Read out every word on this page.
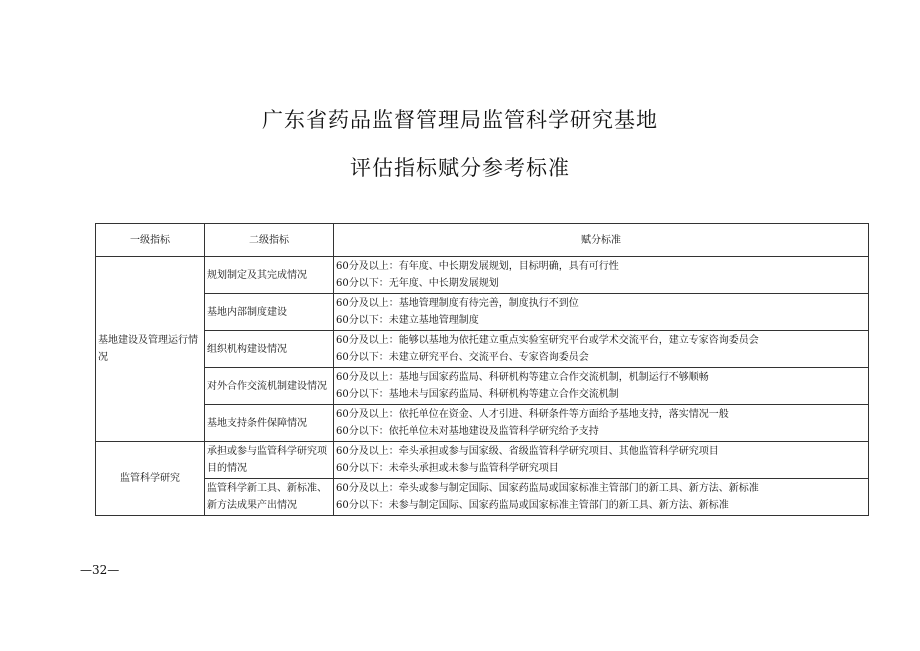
广东省药品监督管理局监管科学研究基地
评估指标赋分参考标准
一级指标	二级指标	赋分标准
基地建设及管理运行情况	规划制定及其完成情况	60分及以上：有年度、中长期发展规划，目标明确，具有可行性
60分以下：无年度、中长期发展规划

	基地内部制度建设	60分及以上：基地管理制度有待完善，制度执行不到位
60分以下：未建立基地管理制度

	组织机构建设情况	60分及以上：能够以基地为依托建立重点实验室研究平台或学术交流平台，建立专家咨询委员会
60分以下：未建立研究平台、交流平台、专家咨询委员会

	对外合作交流机制建设情况	60分及以上：基地与国家药监局、科研机构等建立合作交流机制，机制运行不够顺畅
60分以下：基地未与国家药监局、科研机构等建立合作交流机制

	基地支持条件保障情况	60分及以上：依托单位在资金、人才引进、科研条件等方面给予基地支持，落实情况一般
60分以下：依托单位未对基地建设及监管科学研究给予支持

监管科学研究	承担或参与监管科学研究项目的情况	60分及以上：牵头承担或参与国家级、省级监管科学研究项目、其他监管科学研究项目
60分以下：未牵头承担或未参与监管科学研究项目

	监管科学新工具、新标准、新方法成果产出情况	60分及以上：牵头或参与制定国际、国家药监局或国家标准主管部门的新工具、新方法、新标准
60分以下：未参与制定国际、国家药监局或国家标准主管部门的新工具、新方法、新标准
—32—
